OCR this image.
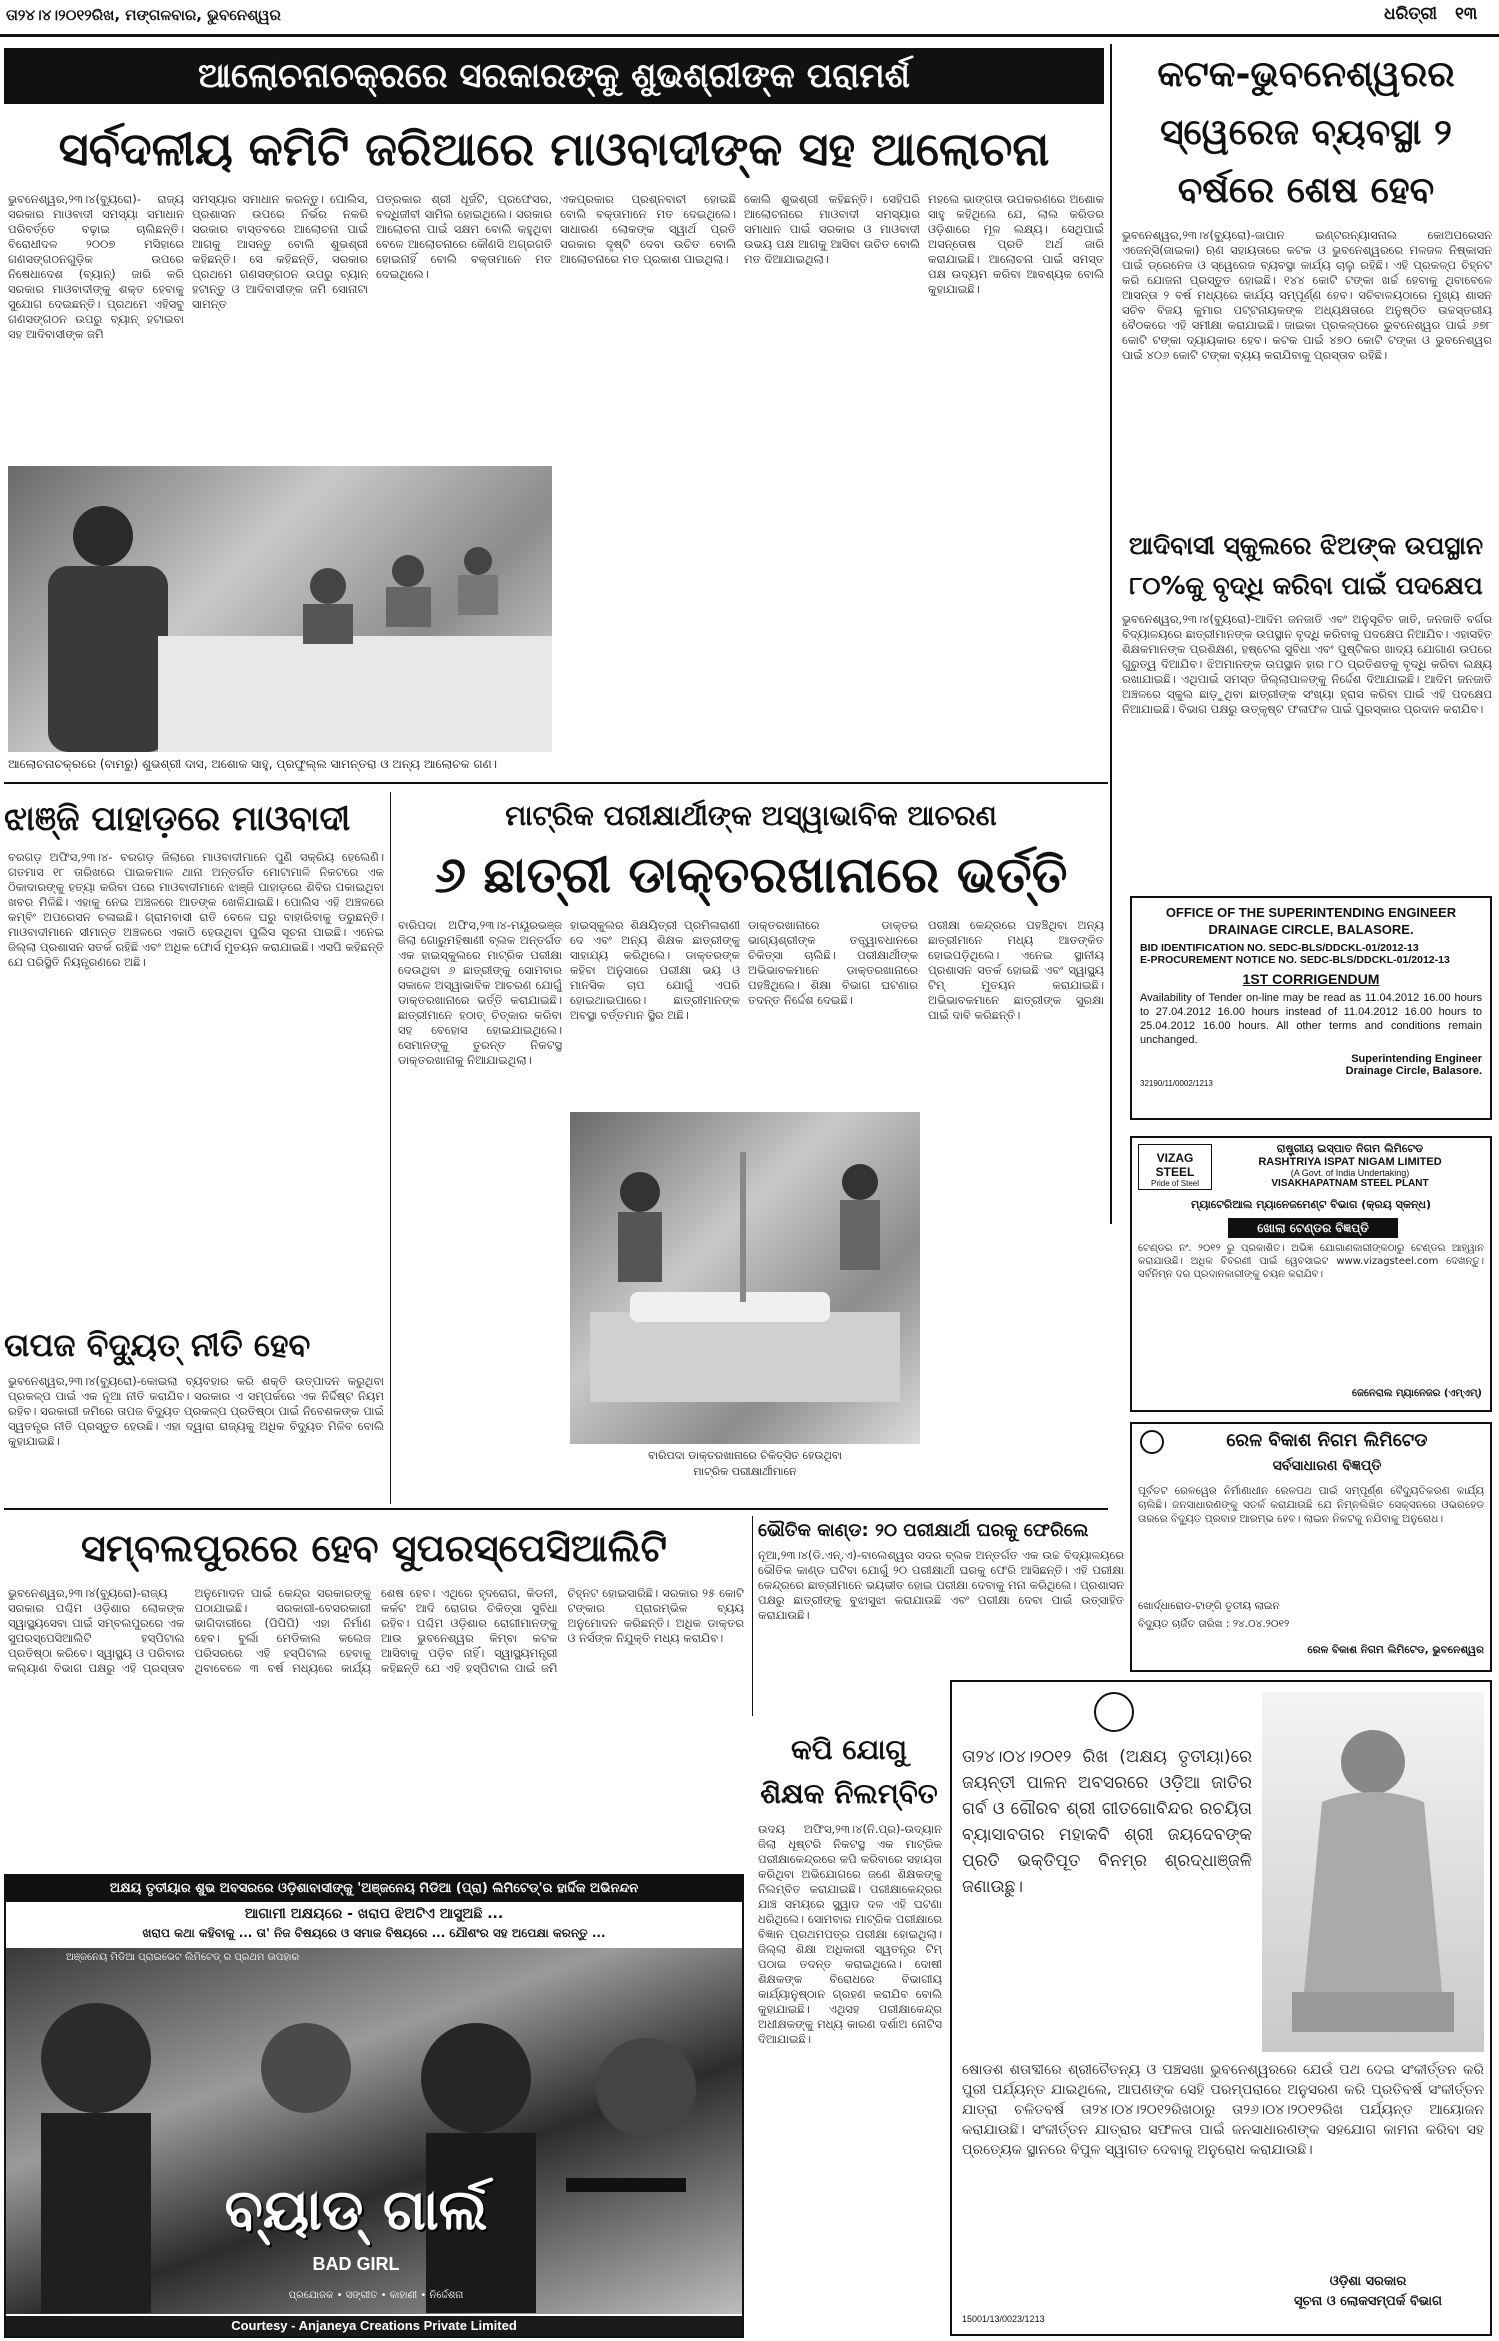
ତା୨୪।୪।୨୦୧୨ରିଖ, ମଙ୍ଗଳବାର, ଭୁବନେଶ୍ୱର	ଧରିତ୍ରୀ ୧୩
ଆଲୋଚନାଚକ୍ରରେ ସରକାରଙ୍କୁ ଶୁଭଶ୍ରୀଙ୍କ ପରାମର୍ଶ
ସର୍ବଦଳୀୟ କମିଟି ଜରିଆରେ ମାଓବାଦୀଙ୍କ ସହ ଆଲୋଚନା
ଭୁବନେଶ୍ୱର,୨୩।୪(ବ୍ୟୁରୋ)- ରାଜ୍ୟ ସରକାର ମାଓବାଦୀ ସମସ୍ୟା ସମାଧାନ ପରିବର୍ତ୍ତେ ବଢ଼ାଇ ଚାଲିଛନ୍ତି। ବିରୋଧୀଦଳ ୨୦୦୭ ମସିହାରେ ଗଣସଙ୍ଗଠନଗୁଡ଼ିକ ଉପରେ ନିଷେଧାଦେଶ (ବ୍ୟାନ୍) ଜାରି କରି ସରକାର ମାଓବାଦୀଙ୍କୁ ଶକ୍ତ ହେବାକୁ ସୁଯୋଗ ଦେଇଛନ୍ତି। ପ୍ରଥମେ ଏହିସବୁ ଗଣସଙ୍ଗଠନ ଉପରୁ ବ୍ୟାନ୍ ହଟାଇବା ସହ ଆଦିବାସୀଙ୍କ ଜମି
ସମସ୍ୟାର ସମାଧାନ କରନ୍ତୁ। ପୋଲିସ, ପ୍ରଶାସନ ଉପରେ ନିର୍ଭର ନକରି ସରକାର ବାସ୍ତବରେ ଆଲୋଚନା ପାଇଁ ଆଗକୁ ଆସନ୍ତୁ ବୋଲି ଶୁଭଶ୍ରୀ କହିଛନ୍ତି। ସେ କହିଛନ୍ତି, ସରକାର ପ୍ରଥମେ ଗଣସଙ୍ଗଠନ ଉପରୁ ବ୍ୟାନ୍ ହଟାନ୍ତୁ ଓ ଆଦିବାସୀଙ୍କ ଜମି ସୋନାଟା ସାମନ୍ତ
ପତ୍ରକାର ଶ୍ରୀ ଧୂର୍ଜଟି, ପ୍ରଫେସର, ବଦ୍ଧିଜୀବୀ ସାମିଲ ହୋଇଥିଲେ। ସରକାର ଆଲୋଚନା ପାଇଁ ସକ୍ଷମ ବୋଲି କହୁଥିବା ବେଳେ ଆଲୋଚନାରେ କୌଣସି ଅଗ୍ରଗତି ହୋଇନାହିଁ ବୋଲି ବକ୍ତାମାନେ ମତ ଦେଇଥିଲେ।
ଏକପ୍ରକାର ପ୍ରଶ୍ନବାଚୀ ହୋଇଛି ବୋଲି ବକ୍ତାମାନେ ମତ ଦେଇଥିଲେ। ସାଧାରଣ ଲୋକଙ୍କ ସ୍ୱାର୍ଥ ପ୍ରତି ସରକାର ଦୃଷ୍ଟି ଦେବା ଉଚିତ ବୋଲି ଆଲୋଚନାରେ ମତ ପ୍ରକାଶ ପାଇଥିଲା।
କୋଲି ଶୁଭଶ୍ରୀ କହିଛନ୍ତି। ସେହିପରି ଆଲୋଚନାରେ ମାଓବାଦୀ ସମସ୍ୟାର ସମାଧାନ ପାଇଁ ସରକାର ଓ ମାଓବାଦୀ ଉଭୟ ପକ୍ଷ ଆଗକୁ ଆସିବା ଉଚିତ ବୋଲି ମତ ଦିଆଯାଇଥିଲା।
ମହଲେ ଭାଙ୍ଗତା ଉପକରଣରେ ଅଶୋକ ସାହୁ କହିଥିଲେ ଯେ, ଲାଲ କରିଡର ଓଡ଼ିଶାରେ ମୂଳ ଲକ୍ଷ୍ୟ। ସେଥିପାଇଁ ଅସନ୍ତୋଷ ପ୍ରତି ଅର୍ଥ ଜାରି କରାଯାଇଛି। ଆଲୋଚନା ପାଇଁ ସମସ୍ତ ପକ୍ଷ ଉଦ୍ୟମ କରିବା ଆବଶ୍ୟକ ବୋଲି କୁହାଯାଇଛି।
ଆଲୋଚନାଚକ୍ରରେ (ବାମରୁ) ଶୁଭଶ୍ରୀ ଦାସ, ଅଶୋକ ସାହୁ, ପ୍ରଫୁଲ୍ଲ ସାମନ୍ତରା ଓ ଅନ୍ୟ ଆଲୋଚକ ଗଣ।
କଟକ-ଭୁବନେଶ୍ୱରର ସ୍ୱେରେଜ ବ୍ୟବସ୍ଥା ୨ ବର୍ଷରେ ଶେଷ ହେବ
ଭୁବନେଶ୍ୱର,୨୩।୪(ବ୍ୟୁରୋ)-ଜାପାନ ଇଣ୍ଟରନ୍ୟାସନାଲ କୋଅପରେସନ ଏଜେନ୍ସି(ଜାଇକା) ଋଣ ସହାୟତାରେ କଟକ ଓ ଭୁବନେଶ୍ୱରରେ ମଳଜଳ ନିଷ୍କାସନ ପାଇଁ ଡ୍ରେନେଜ ଓ ସ୍ୱେରେଜ ବ୍ୟବସ୍ଥା କାର୍ଯ୍ୟ ଚାଲୁ ରହିଛି। ଏହି ପ୍ରକଳ୍ପ ଚିହ୍ନଟ କରି ଯୋଜନା ପ୍ରସ୍ତୁତ ହୋଇଛି। ୧୪୪ କୋଟି ଟଙ୍କା ଖର୍ଚ୍ଚ ହେବାକୁ ଥିବାବେଳେ ଆସନ୍ତା ୨ ବର୍ଷ ମଧ୍ୟରେ କାର୍ଯ୍ୟ ସମ୍ପୂର୍ଣ୍ଣ ହେବ। ସଚିବାଳୟଠାରେ ମୁଖ୍ୟ ଶାସନ ସଚିବ ବିଜୟ କୁମାର ପଟ୍ଟନାୟକଙ୍କ ଅଧ୍ୟକ୍ଷତାରେ ଅନୁଷ୍ଠିତ ଉଚ୍ଚସ୍ତରୀୟ ବୈଠକରେ ଏହି ସମୀକ୍ଷା କରାଯାଇଛି। ଜାଇକା ପ୍ରକଳ୍ପରେ ଭୁବନେଶ୍ୱର ପାଇଁ ୬୭୮ କୋଟି ଟଙ୍କା ଦ୍ୟାୟକାର ହେବ। କଟକ ପାଇଁ ୪୭୦ କୋଟି ଟଙ୍କା ଓ ଭୁବନେଶ୍ୱର ପାଇଁ ୪୦୬ କୋଟି ଟଙ୍କା ବ୍ୟୟ କରାଯିବାକୁ ପ୍ରସ୍ତାବ ରହିଛି।
ଆଦିବାସୀ ସ୍କୁଲରେ ଝିଅଙ୍କ ଉପସ୍ଥାନ
୮୦%କୁ ବୃଦ୍ଧି କରିବା ପାଇଁ ପଦକ୍ଷେପ
ଭୁବନେଶ୍ୱର,୨୩।୪(ବ୍ୟୁରୋ)-ଆଦିମ ଜନଜାତି ଏବଂ ଅନୁସୂଚିତ ଜାତି, ଜନଜାତି ବର୍ଗର ବିଦ୍ୟାଳୟରେ ଛାତ୍ରୀମାନଙ୍କ ଉପସ୍ଥାନ ବୃଦ୍ଧି କରିବାକୁ ପଦକ୍ଷେପ ନିଆଯିବ। ଏହାସହିତ ଶିକ୍ଷକମାନଙ୍କ ପ୍ରଶିକ୍ଷଣ, ହଷ୍ଟେଲ ସୁବିଧା ଏବଂ ପୁଷ୍ଟିକର ଖାଦ୍ୟ ଯୋଗାଣ ଉପରେ ଗୁରୁତ୍ୱ ଦିଆଯିବ। ଝିଅମାନଙ୍କ ଉପସ୍ଥାନ ହାର ୮୦ ପ୍ରତିଶତକୁ ବୃଦ୍ଧି କରିବା ଲକ୍ଷ୍ୟ ରଖାଯାଇଛି। ଏଥିପାଇଁ ସମସ୍ତ ଜିଲ୍ଲାପାଳଙ୍କୁ ନିର୍ଦ୍ଦେଶ ଦିଆଯାଇଛି। ଆଦିମ ଜନଜାତି ଅଞ୍ଚଳରେ ସ୍କୁଲ ଛାଡ଼ୁଥିବା ଛାତ୍ରୀଙ୍କ ସଂଖ୍ୟା ହ୍ରାସ କରିବା ପାଇଁ ଏହି ପଦକ୍ଷେପ ନିଆଯାଇଛି। ବିଭାଗ ପକ୍ଷରୁ ଉତ୍କୃଷ୍ଟ ଫଳାଫଳ ପାଇଁ ପୁରସ୍କାର ପ୍ରଦାନ କରାଯିବ।
OFFICE OF THE SUPERINTENDING ENGINEER DRAINAGE CIRCLE, BALASORE.
BID IDENTIFICATION NO. SEDC-BLS/DDCKL-01/2012-13
E-PROCUREMENT NOTICE NO. SEDC-BLS/DDCKL-01/2012-13
1ST CORRIGENDUM
Availability of Tender on-line may be read as 11.04.2012 16.00 hours to 27.04.2012 16.00 hours instead of 11.04.2012 16.00 hours to 25.04.2012 16.00 hours. All other terms and conditions remain unchanged.
Superintending Engineer
Drainage Circle, Balasore.
32190/11/0002/1213
VIZAG STEEL
Pride of Steel
ରାଷ୍ଟ୍ରୀୟ ଇସ୍ପାତ ନିଗମ ଲିମିଟେଡ
RASHTRIYA ISPAT NIGAM LIMITED
(A Govt. of India Undertaking)
VISAKHAPATNAM STEEL PLANT
ମ୍ୟାଟେରିଆଲ ମ୍ୟାନେଜମେଣ୍ଟ ବିଭାଗ (କ୍ରୟ ସ୍କନ୍ଧ)
ଖୋଲା ଟେଣ୍ଡର ବିଜ୍ଞପ୍ତି
ଟେଣ୍ଡର ନଂ. ୨୦୧୨ ରୁ ପ୍ରକାଶିତ। ଅଭିଜ୍ଞ ଯୋଗାଣକାରୀଙ୍କଠାରୁ ଟେଣ୍ଡର ଆହ୍ୱାନ କରାଯାଉଛି। ଅଧିକ ବିବରଣୀ ପାଇଁ ୱେବସାଇଟ www.vizagsteel.com ଦେଖନ୍ତୁ। ସର୍ବନିମ୍ନ ଦର ପ୍ରଦାନକାରୀଙ୍କୁ ଚୟନ କରାଯିବ।
ଜେନେରାଲ ମ୍ୟାନେଜର (ଏମ୍‌ଏମ୍‌)
ରେଳ ବିକାଶ ନିଗମ ଲିମିଟେଡ
ସର୍ବସାଧାରଣ ବିଜ୍ଞପ୍ତି
ପୂର୍ବତଟ ରେଳୱେର ନିର୍ମାଣାଧୀନ ରେଳପଥ ପାଇଁ ସମ୍ପୂର୍ଣ୍ଣ ବୈଦ୍ୟୁତିକରଣ କାର୍ଯ୍ୟ ଚାଲିଛି। ଜନସାଧାରଣଙ୍କୁ ସତର୍କ କରାଯାଉଛି ଯେ ନିମ୍ନଲିଖିତ ସେକ୍ସନରେ ଓଭରହେଡ ତାରରେ ବିଦ୍ୟୁତ ପ୍ରବାହ ଆରମ୍ଭ ହେବ। ଲାଇନ ନିକଟକୁ ନଯିବାକୁ ଅନୁରୋଧ।
ଖୋର୍ଦ୍ଧାରୋଡ-ଟାଙ୍ଗି ତୃତୀୟ ଲାଇନ
ବିଦ୍ୟୁତ ଚାର୍ଜିତ ତାରିଖ : ୨୪.୦୪.୨୦୧୨
ରେଳ ବିକାଶ ନିଗମ ଲିମିଟେଡ, ଭୁବନେଶ୍ୱର
ଝାଞ୍ଜି ପାହାଡ଼ରେ ମାଓବାଦୀ
ବରଗଡ଼ ଅଫିସ,୨୩।୪- ବରଗଡ଼ ଜିଲାରେ ମାଓବାଦୀମାନେ ପୁଣି ସକ୍ରିୟ ହେଲେଣି। ଗତମାସ ୧୮ ତାରିଖରେ ପାଇକମାଳ ଥାନା ଅନ୍ତର୍ଗତ ମୋଟାମାଳି ନିକଟରେ ଏକ ଠିକାଦାରଙ୍କୁ ହତ୍ୟା କରିବା ପରେ ମାଓବାଦୀମାନେ ଝାଞ୍ଜି ପାହାଡ଼ରେ ଶିବିର ପକାଇଥିବା ଖବର ମିଳିଛି। ଏହାକୁ ନେଇ ଅଞ୍ଚଳରେ ଆତଙ୍କ ଖେଳିଯାଇଛି। ପୋଲିସ ଏହି ଅଞ୍ଚଳରେ କମ୍ବିଂ ଅପରେସନ ଚଳାଇଛି। ଗ୍ରାମବାସୀ ରାତି ବେଳେ ଘରୁ ବାହାରିବାକୁ ଡରୁଛନ୍ତି। ମାଓବାଦୀମାନେ ସୀମାନ୍ତ ଅଞ୍ଚଳରେ ଏକାଠି ହେଉଥିବା ପୁଲିସ ସୂଚନା ପାଇଛି। ଏନେଇ ଜିଲ୍ଲା ପ୍ରଶାସନ ସତର୍କ ରହିଛି ଏବଂ ଅଧିକ ଫୋର୍ସ ମୁତୟନ କରାଯାଇଛି। ଏସପି କହିଛନ୍ତି ଯେ ପରିସ୍ଥିତି ନିୟନ୍ତ୍ରଣରେ ଅଛି।
ତାପଜ ବିଦ୍ୟୁତ୍ ନୀତି ହେବ
ଭୁବନେଶ୍ୱର,୨୩।୪(ବ୍ୟୁରୋ)-କୋଇଲା ବ୍ୟବହାର କରି ଶକ୍ତି ଉତ୍ପାଦନ କରୁଥିବା ପ୍ରକଳ୍ପ ପାଇଁ ଏକ ନୂଆ ନୀତି କରାଯିବ। ସରକାର ଏ ସମ୍ପର୍କରେ ଏକ ନିର୍ଦ୍ଦିଷ୍ଟ ନିୟମ ରହିବ। ସରକାରୀ ଜମିରେ ତାପଜ ବିଦ୍ୟୁତ ପ୍ରକଳ୍ପ ପ୍ରତିଷ୍ଠା ପାଇଁ ନିବେଶକଙ୍କ ପାଇଁ ସ୍ୱତନ୍ତ୍ର ନୀତି ପ୍ରସ୍ତୁତ ହେଉଛି। ଏହା ଦ୍ୱାରା ରାଜ୍ୟକୁ ଅଧିକ ବିଦ୍ୟୁତ ମିଳିବ ବୋଲି କୁହାଯାଇଛି।
ମାଟ୍ରିକ ପରୀକ୍ଷାର୍ଥୀଙ୍କ ଅସ୍ୱାଭାବିକ ଆଚରଣ
୬ ଛାତ୍ରୀ ଡାକ୍ତରଖାନାରେ ଭର୍ତ୍ତି
ବାରିପଦା ଅଫିସ,୨୩।୪-ମୟୂରଭଞ୍ଜ ଜିଲା ଗୋରୁମହିଷାଣୀ ବ୍ଲକ ଅନ୍ତର୍ଗତ ଏକ ହାଇସ୍କୁଲରେ ମାଟ୍ରିକ ପରୀକ୍ଷା ଦେଉଥିବା ୬ ଛାତ୍ରୀଙ୍କୁ ସୋମବାର ସକାଳେ ଅସ୍ୱାଭାବିକ ଆଚରଣ ଯୋଗୁଁ ଡାକ୍ତରଖାନାରେ ଭର୍ତ୍ତି କରାଯାଇଛି। ଛାତ୍ରୀମାନେ ହଠାତ୍ ଚିତ୍କାର କରିବା ସହ ବେହୋସ ହୋଇଯାଇଥିଲେ। ସେମାନଙ୍କୁ ତୁରନ୍ତ ନିକଟସ୍ଥ ଡାକ୍ତରଖାନାକୁ ନିଆଯାଇଥିଲା।
ହାଇସ୍କୁଲର ଶିକ୍ଷୟିତ୍ରୀ ପ୍ରମିଳାରାଣୀ ଦେ ଏବଂ ଅନ୍ୟ ଶିକ୍ଷକ ଛାତ୍ରୀଙ୍କୁ ସାହାଯ୍ୟ କରିଥିଲେ। ଡାକ୍ତରଙ୍କ କହିବା ଅନୁସାରେ ପରୀକ୍ଷା ଭୟ ଓ ମାନସିକ ଚାପ ଯୋଗୁଁ ଏପରି ହୋଇଥାଇପାରେ। ଛାତ୍ରୀମାନଙ୍କ ଅବସ୍ଥା ବର୍ତ୍ତମାନ ସ୍ଥିର ଅଛି।
ଡାକ୍ତରଖାନାରେ ଡାକ୍ତର ଭାଗ୍ୟଶ୍ରୀଙ୍କ ତତ୍ତ୍ୱାବଧାନରେ ଚିକିତ୍ସା ଚାଲିଛି। ପରୀକ୍ଷାର୍ଥୀଙ୍କ ଅଭିଭାବକମାନେ ଡାକ୍ତରଖାନାରେ ପହଞ୍ଚିଥିଲେ। ଶିକ୍ଷା ବିଭାଗ ଘଟଣାର ତଦନ୍ତ ନିର୍ଦ୍ଦେଶ ଦେଇଛି।
ପରୀକ୍ଷା କେନ୍ଦ୍ରରେ ପହଞ୍ଚିଥିବା ଅନ୍ୟ ଛାତ୍ରୀମାନେ ମଧ୍ୟ ଆତଙ୍କିତ ହୋଇପଡ଼ିଥିଲେ। ଏନେଇ ସ୍ଥାନୀୟ ପ୍ରଶାସନ ସତର୍କ ହୋଇଛି ଏବଂ ସ୍ୱାସ୍ଥ୍ୟ ଟିମ୍ ମୁତୟନ କରାଯାଇଛି। ଅଭିଭାବକମାନେ ଛାତ୍ରୀଙ୍କ ସୁରକ୍ଷା ପାଇଁ ଦାବି କରିଛନ୍ତି।
ବାରିପଦା ଡାକ୍ତରଖାନାରେ ଚିକିତ୍ସିତ ହେଉଥିବା
ମାଟ୍ରିକ ପରୀକ୍ଷାର୍ଥୀମାନେ
ସମ୍ବଲପୁରରେ ହେବ ସୁପରସ୍ପେସିଆଲିଟି
ଭୁବନେଶ୍ୱର,୨୩।୪(ବ୍ୟୁରୋ)-ରାଜ୍ୟ ସରକାର ପଶ୍ଚିମ ଓଡ଼ିଶାର ଲୋକଙ୍କ ସ୍ୱାସ୍ଥ୍ୟସେବା ପାଇଁ ସମ୍ବଲପୁରରେ ଏକ ସୁପରସ୍ପେସିଆଲିଟି ହସ୍ପିଟାଲ ପ୍ରତିଷ୍ଠା କରିବେ। ସ୍ୱାସ୍ଥ୍ୟ ଓ ପରିବାର କଲ୍ୟାଣ ବିଭାଗ ପକ୍ଷରୁ ଏହି ପ୍ରସ୍ତାବ ଅନୁମୋଦନ ପାଇଁ କେନ୍ଦ୍ର ସରକାରଙ୍କୁ ପଠାଯାଇଛି। ସରକାରୀ-ବେସରକାରୀ ଭାଗିଦାରୀରେ (ପିପିପି) ଏହା ନିର୍ମାଣ ହେବ। ବୁର୍ଲା ମେଡିକାଲ କଲେଜ ପରିସରରେ ଏହି ହସ୍ପିଟାଲ ହେବାକୁ ଥିବାବେଳେ ୩ ବର୍ଷ ମଧ୍ୟରେ କାର୍ଯ୍ୟ ଶେଷ ହେବ। ଏଥିରେ ହୃଦରୋଗ, କିଡନୀ, କର୍କଟ ଆଦି ରୋଗର ଚିକିତ୍ସା ସୁବିଧା ରହିବ। ପଶ୍ଚିମ ଓଡ଼ିଶାର ରୋଗୀମାନଙ୍କୁ ଆଉ ଭୁବନେଶ୍ୱର କିମ୍ବା କଟକ ଆସିବାକୁ ପଡ଼ିବ ନାହିଁ। ସ୍ୱାସ୍ଥ୍ୟମନ୍ତ୍ରୀ କହିଛନ୍ତି ଯେ ଏହି ହସ୍ପିଟାଲ ପାଇଁ ଜମି ଚିହ୍ନଟ ହୋଇସାରିଛି। ସରକାର ୨୫ କୋଟି ଟଙ୍କାର ପ୍ରାରମ୍ଭିକ ବ୍ୟୟ ଅନୁମୋଦନ କରିଛନ୍ତି। ଅଧିକ ଡାକ୍ତର ଓ ନର୍ସଙ୍କ ନିଯୁକ୍ତି ମଧ୍ୟ କରାଯିବ।
ଭୌତିକ କାଣ୍ଡ: ୨୦ ପରୀକ୍ଷାର୍ଥୀ ଘରକୁ ଫେରିଲେ
ନୂଆ,୨୩।୪(ଡି.ଏନ୍.ଏ)-ବାଲେଶ୍ୱର ସଦର ବ୍ଲକ ଅନ୍ତର୍ଗତ ଏକ ଉଚ୍ଚ ବିଦ୍ୟାଳୟରେ ଭୌତିକ କାଣ୍ଡ ଘଟିବା ଯୋଗୁଁ ୨୦ ପରୀକ୍ଷାର୍ଥୀ ଘରକୁ ଫେରି ଆସିଛନ୍ତି। ଏହି ପରୀକ୍ଷା କେନ୍ଦ୍ରରେ ଛାତ୍ରୀମାନେ ଭୟଭୀତ ହୋଇ ପରୀକ୍ଷା ଦେବାକୁ ମନା କରିଥିଲେ। ପ୍ରଶାସନ ପକ୍ଷରୁ ଛାତ୍ରୀଙ୍କୁ ବୁଝାସୁଝା କରାଯାଉଛି ଏବଂ ପରୀକ୍ଷା ଦେବା ପାଇଁ ଉତ୍ସାହିତ କରାଯାଉଛି।
କପି ଯୋଗୁ ଶିକ୍ଷକ ନିଲମ୍ବିତ
ଉଦୟ ଅଫିସ,୨୩।୪(ନି.ପ୍ର)-ଉଦ୍ୟାନ ଜିଲା ଧୂଷ୍ଟରି ନିକଟସ୍ଥ ଏକ ମାଟ୍ରିକ ପରୀକ୍ଷାକେନ୍ଦ୍ରରେ କପି କରିବାରେ ସହାୟତା କରିଥିବା ଅଭିଯୋଗରେ ଜଣେ ଶିକ୍ଷକଙ୍କୁ ନିଲମ୍ବିତ କରାଯାଇଛି। ପରୀକ୍ଷାକେନ୍ଦ୍ରର ଯାଞ୍ଚ ସମୟରେ ସ୍କ୍ୱାଡ ଦଳ ଏହି ଘଟଣା ଧରିଥିଲେ। ସୋମବାର ମାଟ୍ରିକ ପରୀକ୍ଷାରେ ବିଜ୍ଞାନ ପ୍ରଥମପତ୍ର ପରୀକ୍ଷା ହୋଇଥିଲା। ଜିଲ୍ଲା ଶିକ୍ଷା ଅଧିକାରୀ ସ୍ୱତନ୍ତ୍ର ଟିମ୍ ପଠାଇ ତଦନ୍ତ କରାଇଥିଲେ। ଦୋଷୀ ଶିକ୍ଷକଙ୍କ ବିରୋଧରେ ବିଭାଗୀୟ କାର୍ଯ୍ୟାନୁଷ୍ଠାନ ଗ୍ରହଣ କରାଯିବ ବୋଲି କୁହାଯାଇଛି। ଏଥିସହ ପରୀକ୍ଷାକେନ୍ଦ୍ର ଅଧୀକ୍ଷକଙ୍କୁ ମଧ୍ୟ କାରଣ ଦର୍ଶାଅ ନୋଟିସ ଦିଆଯାଇଛି।
ଅକ୍ଷୟ ତୃତୀୟାର ଶୁଭ ଅବସରରେ ଓଡ଼ିଶାବାସୀଙ୍କୁ 'ଅଞ୍ଜନେୟ ମିଡିଆ (ପ୍ରା) ଲିମିଟେଡ୍'ର ହାର୍ଦ୍ଦିକ ଅଭିନନ୍ଦନ
ଆଗାମୀ ଅକ୍ଷୟରେ - ଖରାପ ଝିଅଟିଏ ଆସୁଅଛି ...
ଖରାପ କଥା କହିବାକୁ ... ତା' ନିଜ ବିଷୟରେ ଓ ସମାଜ ବିଷୟରେ ... ଯୌଶଂର ସହ ଅପେକ୍ଷା କରନ୍ତୁ ...
ଅଞ୍ଜନେୟ ମିଡିଆ ପ୍ରାଇଭେଟ ଲିମିଟେଡ୍ ର ପ୍ରଥମ ଉପହାର
ବ୍ୟାଡ୍ ଗାର୍ଲ
BAD GIRL
ପ୍ରଯୋଜକ • ସଙ୍ଗୀତ • କାହାଣୀ • ନିର୍ଦ୍ଦେଶନା
Courtesy - Anjaneya Creations Private Limited
ତା୨୪।୦୪।୨୦୧୨ ରିଖ (ଅକ୍ଷୟ ତୃତୀୟା)ରେ ଜୟନ୍ତୀ ପାଳନ ଅବସରରେ ଓଡ଼ିଆ ଜାତିର ଗର୍ବ ଓ ଗୌରବ ଶ୍ରୀ ଗୀତଗୋବିନ୍ଦର ରଚୟିତା ବ୍ୟାସାବତାର ମହାକବି ଶ୍ରୀ ଜୟଦେବଙ୍କ ପ୍ରତି ଭକ୍ତିପୂତ ବିନମ୍ର ଶ୍ରଦ୍ଧାଞ୍ଜଳି ଜଣାଉଛୁ।
ଷୋଡଶ ଶତାବ୍ଦୀରେ ଶ୍ରୀଚୈତନ୍ୟ ଓ ପଞ୍ଚସଖା ଭୁବନେଶ୍ୱରରେ ଯେଉଁ ପଥ ଦେଇ ସଂକୀର୍ତ୍ତନ କରି ପୁରୀ ପର୍ଯ୍ୟନ୍ତ ଯାଇଥିଲେ, ଆପଣଙ୍କ ସେହି ପରମ୍ପରାରେ ଅନୁସରଣ କରି ପ୍ରତିବର୍ଷ ସଂକୀର୍ତ୍ତନ ଯାତ୍ରା ଚଳିତବର୍ଷ ତା୨୪।୦୪।୨୦୧୨ରିଖଠାରୁ ତା୨୬।୦୪।୨୦୧୨ରିଖ ପର୍ଯ୍ୟନ୍ତ ଆୟୋଜନ କରାଯାଉଛି। ସଂକୀର୍ତ୍ତନ ଯାତ୍ରାର ସଫଳତା ପାଇଁ ଜନସାଧାରଣଙ୍କ ସହଯୋଗ କାମନା କରିବା ସହ ପ୍ରତ୍ୟେକ ସ୍ଥାନରେ ବିପୁଳ ସ୍ୱାଗତ ଦେବାକୁ ଅନୁରୋଧ କରାଯାଉଛି।
ଓଡ଼ିଶା ସରକାର
ସୂଚନା ଓ ଲୋକସମ୍ପର୍କ ବିଭାଗ
15001/13/0023/1213
